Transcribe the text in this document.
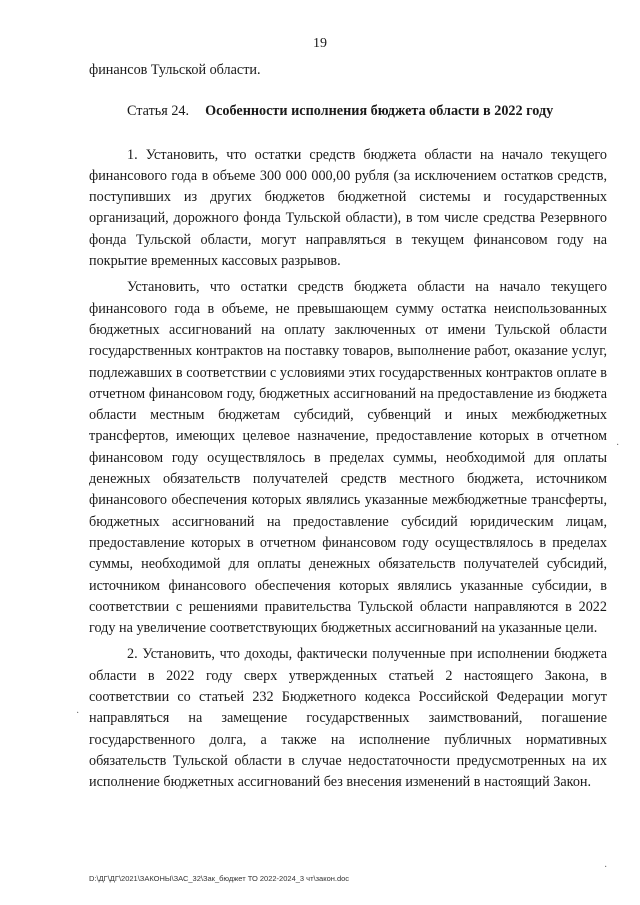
19

финансов Тульской области.

Статья 24. Особенности исполнения бюджета области в 2022 году

1. Установить, что остатки средств бюджета области на начало текущего финансового года в объеме 300 000 000,00 рубля (за исключением остатков средств, поступивших из других бюджетов бюджетной системы и государственных организаций, дорожного фонда Тульской области), в том числе средства Резервного фонда Тульской области, могут направляться в текущем финансовом году на покрытие временных кассовых разрывов.

Установить, что остатки средств бюджета области на начало текущего финансового года в объеме, не превышающем сумму остатка неиспользованных бюджетных ассигнований на оплату заключенных от имени Тульской области государственных контрактов на поставку товаров, выполнение работ, оказание услуг, подлежавших в соответствии с условиями этих государственных контрактов оплате в отчетном финансовом году, бюджетных ассигнований на предоставление из бюджета области местным бюджетам субсидий, субвенций и иных межбюджетных трансфертов, имеющих целевое назначение, предоставление которых в отчетном финансовом году осуществлялось в пределах суммы, необходимой для оплаты денежных обязательств получателей средств местного бюджета, источником финансового обеспечения которых являлись указанные межбюджетные трансферты, бюджетных ассигнований на предоставление субсидий юридическим лицам, предоставление которых в отчетном финансовом году осуществлялось в пределах суммы, необходимой для оплаты денежных обязательств получателей субсидий, источником финансового обеспечения которых являлись указанные субсидии, в соответствии с решениями правительства Тульской области направляются в 2022 году на увеличение соответствующих бюджетных ассигнований на указанные цели.

2. Установить, что доходы, фактически полученные при исполнении бюджета области в 2022 году сверх утвержденных статьей 2 настоящего Закона, в соответствии со статьей 232 Бюджетного кодекса Российской Федерации могут направляться на замещение государственных заимствований, погашение государственного долга, а также на исполнение публичных нормативных обязательств Тульской области в случае недостаточности предусмотренных на их исполнение бюджетных ассигнований без внесения изменений в настоящий Закон.

D:\ДГ\ДГ\2021\ЗАКОНЫ\ЗАС_32\Зак_бюджет ТО 2022-2024_3 чт\закон.doc
·
·
·
